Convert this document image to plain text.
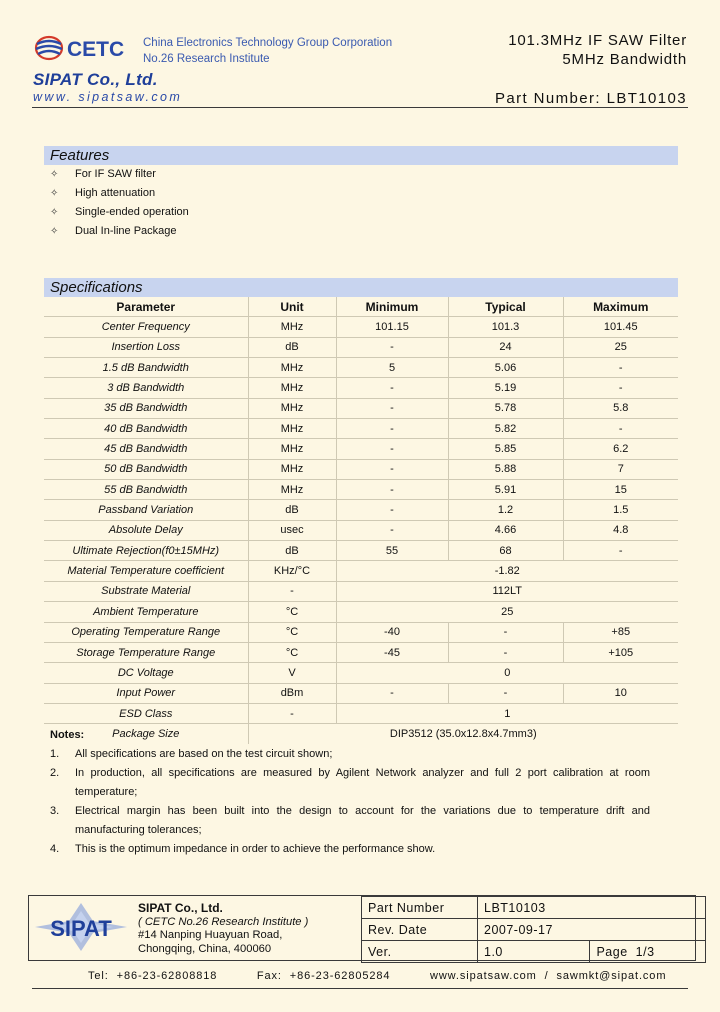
CETC China Electronics Technology Group Corporation
No.26 Research Institute
SIPAT Co., Ltd.
www. sipatsaw.com
101.3MHz IF SAW Filter
5MHz Bandwidth
Part Number: LBT10103
Features
✧	For IF SAW filter
✧	High attenuation
✧	Single-ended operation
✧	Dual In-line Package
Specifications
Parameter	Unit	Minimum	Typical	Maximum
Center Frequency	MHz	101.15	101.3	101.45
Insertion Loss	dB	-	24	25
1.5 dB Bandwidth	MHz	5	5.06	-
3 dB Bandwidth	MHz	-	5.19	-
35 dB Bandwidth	MHz	-	5.78	5.8
40 dB Bandwidth	MHz	-	5.82	-
45 dB Bandwidth	MHz	-	5.85	6.2
50 dB Bandwidth	MHz	-	5.88	7
55 dB Bandwidth	MHz	-	5.91	15
Passband Variation	dB	-	1.2	1.5
Absolute Delay	usec	-	4.66	4.8
Ultimate Rejection(f0±15MHz)	dB	55	68	-
Material Temperature coefficient	KHz/°C	-1.82		
Substrate Material	-	112LT		
Ambient Temperature	°C	25		
Operating Temperature Range	°C	-40	-	+85
Storage Temperature Range	°C	-45	-	+105
DC Voltage	V	0		
Input Power	dBm	-	-	10
ESD Class	-	1		
Package Size	DIP3512 (35.0x12.8x4.7mm3)			
Notes:
1.	All specifications are based on the test circuit shown;
2.	In production, all specifications are measured by Agilent Network analyzer and full 2 port calibration at room temperature;
3.	Electrical margin has been built into the design to account for the variations due to temperature drift and manufacturing tolerances;
4.	This is the optimum impedance in order to achieve the performance show.
SIPAT
SIPAT Co., Ltd.
( CETC No.26 Research Institute )
#14 Nanping Huayuan Road,
Chongqing, China, 400060
Part Number	LBT10103	
Rev. Date	2007-09-17	
Ver.	1.0	Page 1/3
Tel:  +86-23-62808818          Fax:  +86-23-62805284          www.sipatsaw.com  /  sawmkt@sipat.com
